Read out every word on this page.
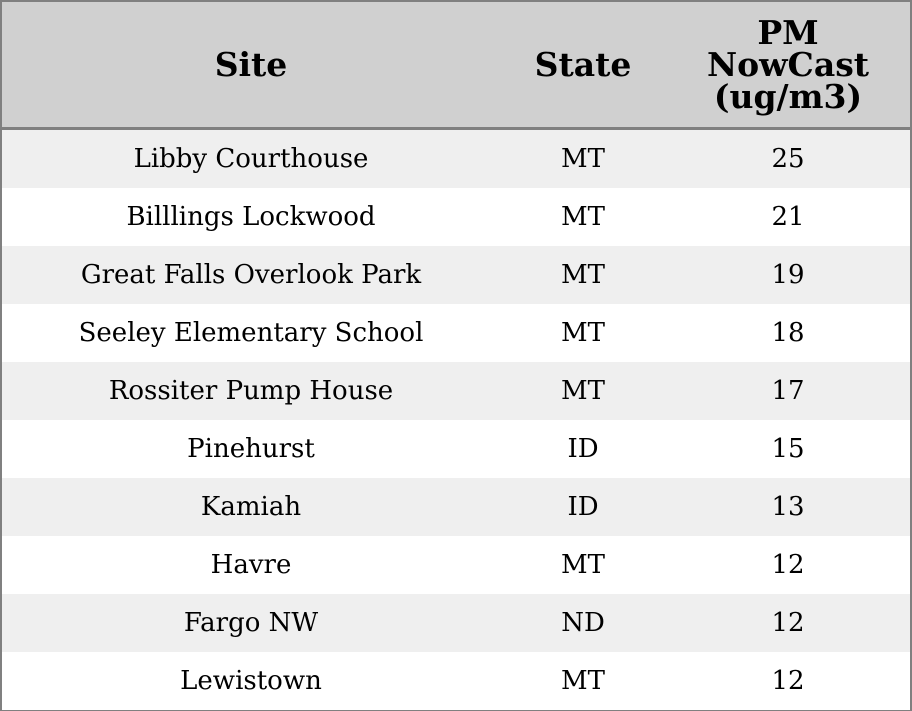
Site	State	PM
NowCast
(ug/m3)
Libby Courthouse	MT	25
Billlings Lockwood	MT	21
Great Falls Overlook Park	MT	19
Seeley Elementary School	MT	18
Rossiter Pump House	MT	17
Pinehurst	ID	15
Kamiah	ID	13
Havre	MT	12
Fargo NW	ND	12
Lewistown	MT	12
